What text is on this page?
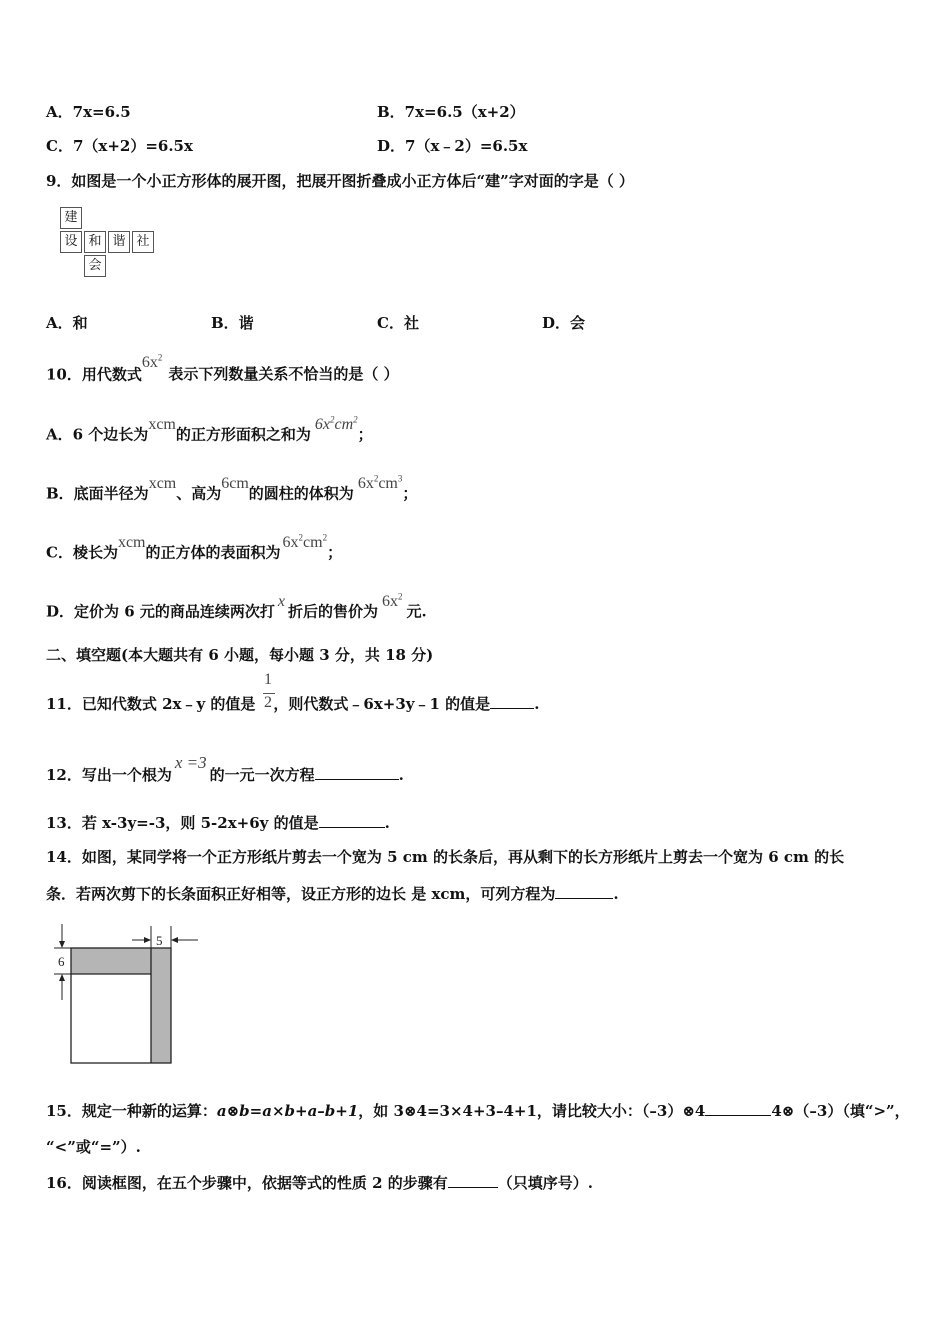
A．7x=6.5	B．7x=6.5（x+2）
C．7（x+2）=6.5x	D．7（x﹣2）=6.5x
9．如图是一个小正方形体的展开图，把展开图折叠成小正方体后“建”字对面的字是（ ）
建
设 和 谐 社
会
A．和	B．谐	C．社	D．会
10．用代数式$6x^2$表示下列数量关系不恰当的是（ ）
A．6 个边长为xcm的正方形面积之和为$6x^2cm^2$；
B．底面半径为xcm、高为6cm的圆柱的体积为$6x^2cm^3$；
C．棱长为xcm的正方体的表面积为$6x^2cm^2$；
D．定价为 6 元的商品连续两次打x折后的售价为$6x^2$元.
二、填空题(本大题共有 6 小题，每小题 3 分，共 18 分)
1
2
11．已知代数式 2x﹣y 的值是 ，则代数式﹣6x+3y﹣1 的值是	.
12．写出一个根为x =3的一元一次方程	.
13．若 x-3y=-3，则 5-2x+6y 的值是	.
14．如图，某同学将一个正方形纸片剪去一个宽为 5 cm 的长条后，再从剩下的长方形纸片上剪去一个宽为 6 cm 的长
条．若两次剪下的长条面积正好相等，设正方形的边长 是 xcm，可列方程为	.
5
6
15．规定一种新的运算：a⊗b=a×b+a–b+1，如 3⊗4=3×4+3–4+1，请比较大小：（–3）⊗4	4⊗（–3）（填“>”，
“<”或“=”）.
16．阅读框图，在五个步骤中，依据等式的性质 2 的步骤有	（只填序号）.
